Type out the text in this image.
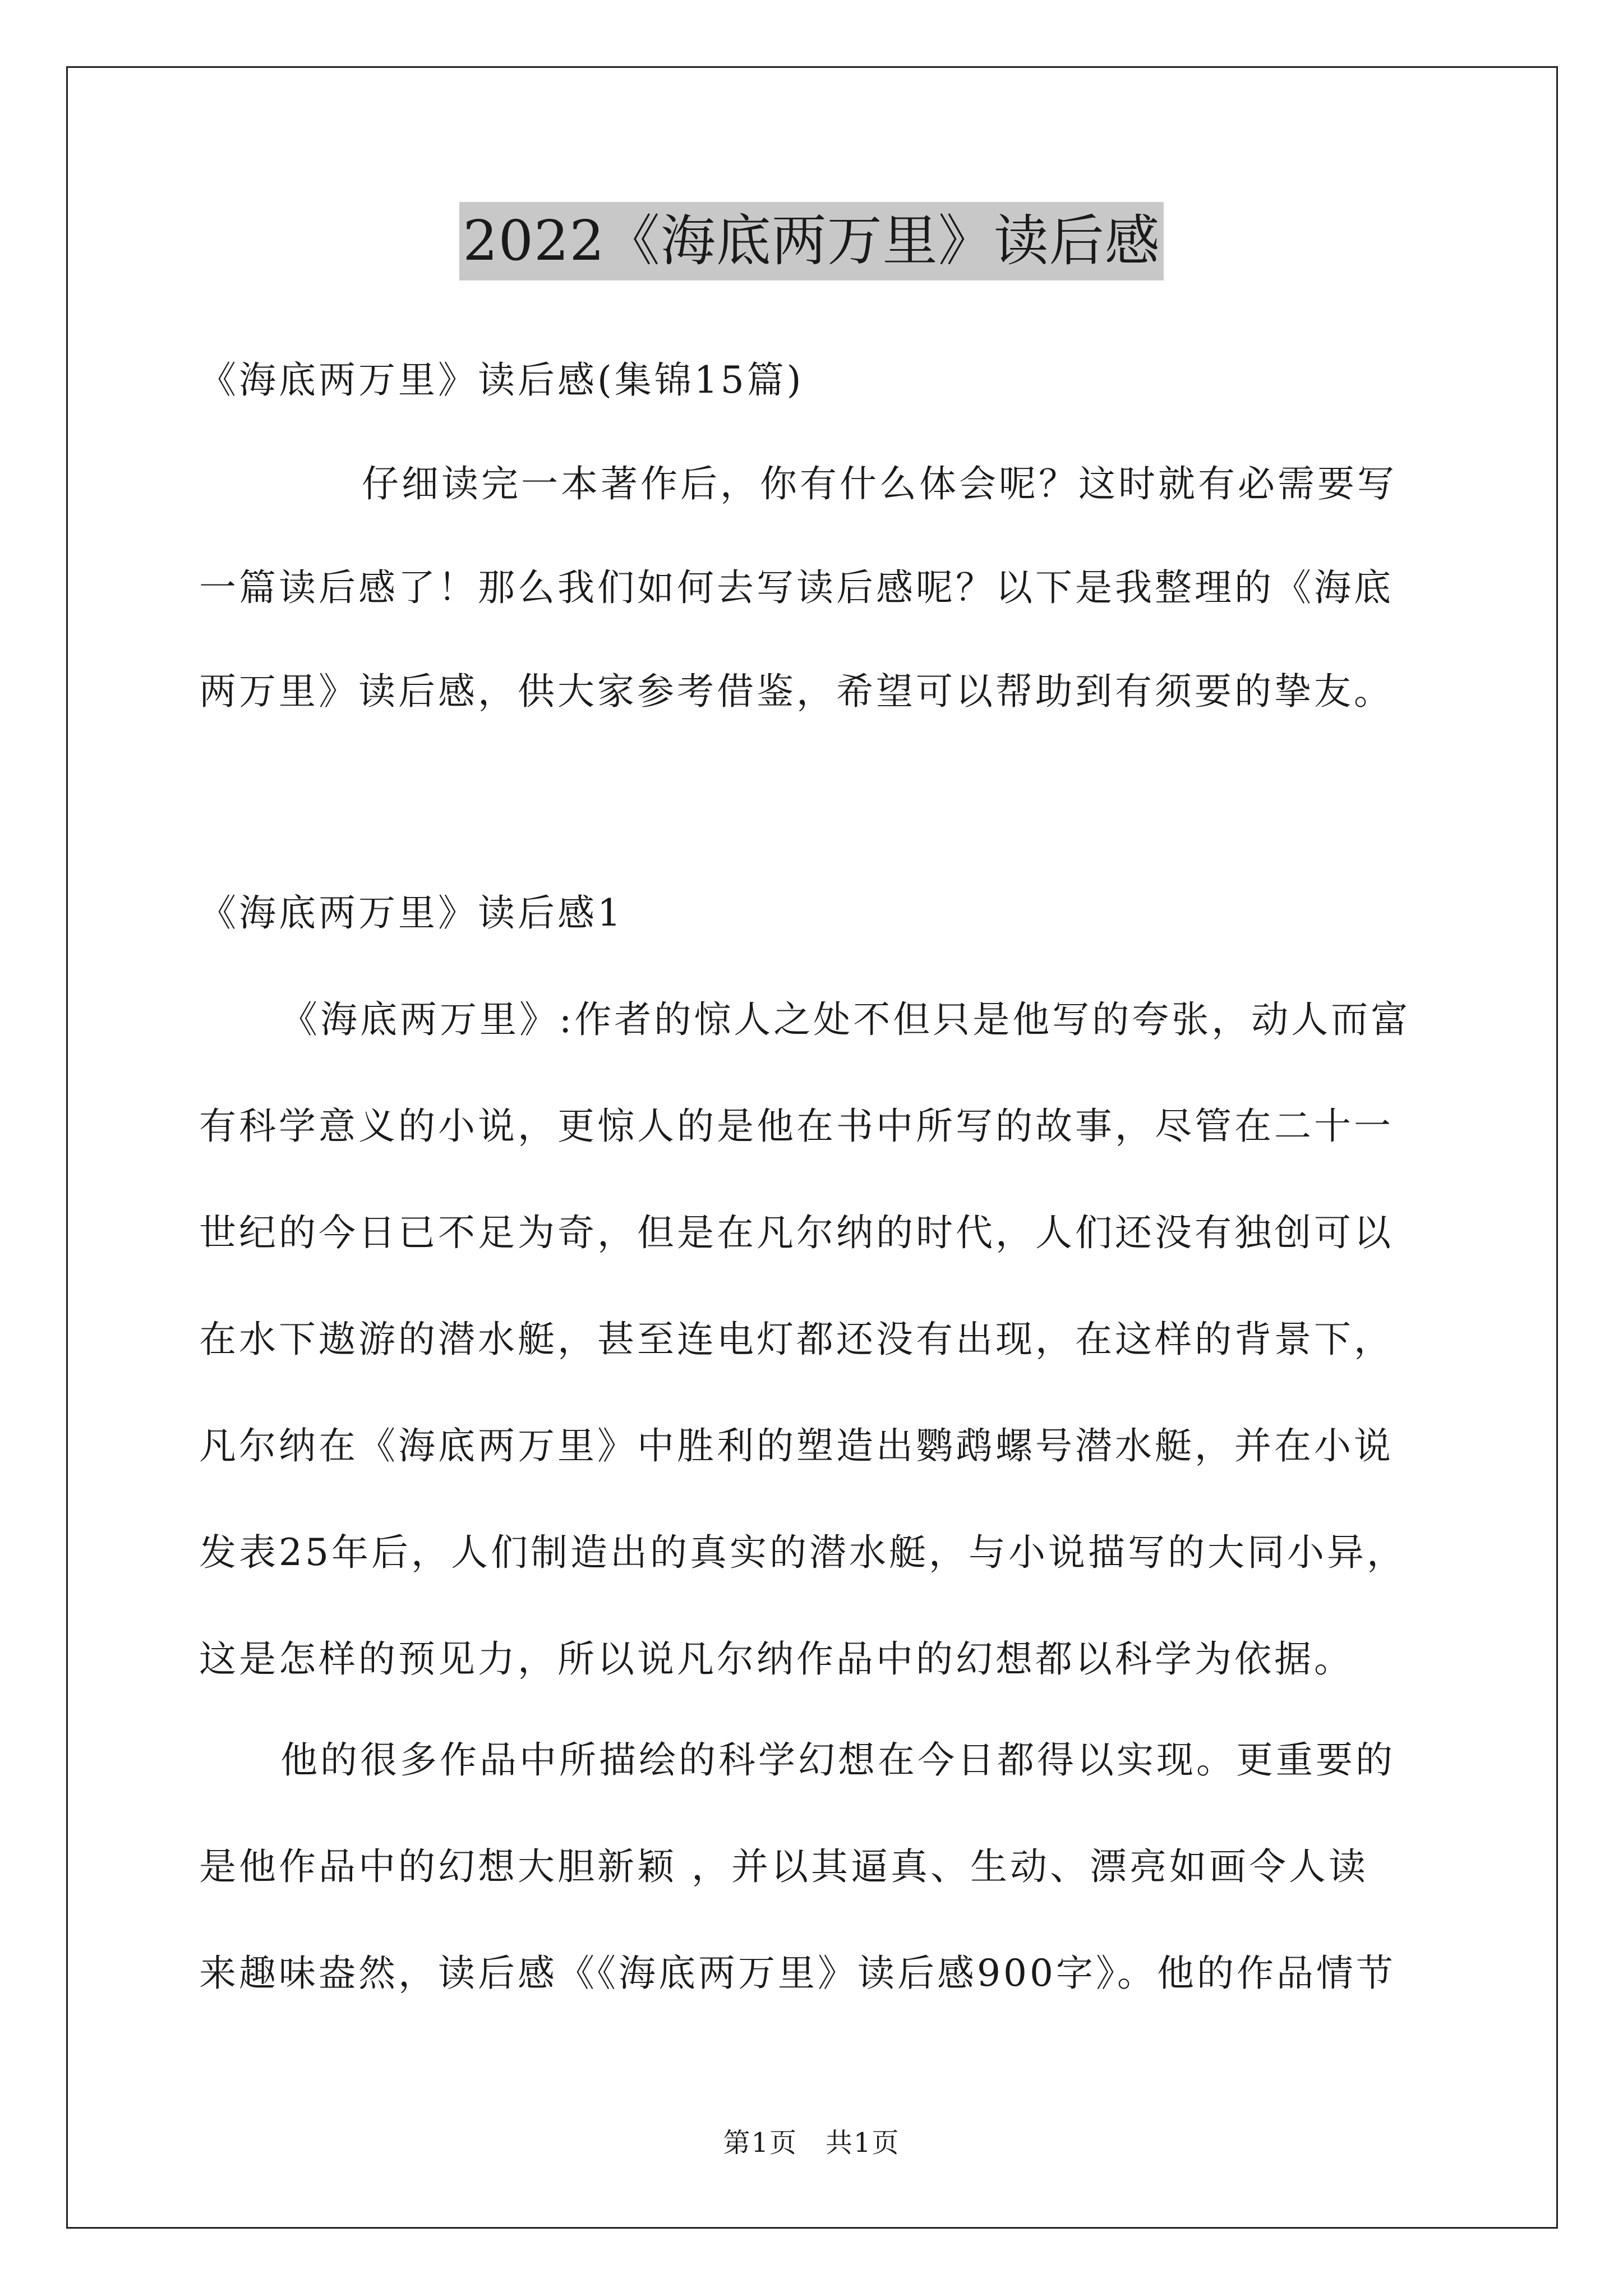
2022《海底两万里》读后感
《海底两万里》读后感(集锦15篇)
仔细读完一本著作后，你有什么体会呢？这时就有必需要写
一篇读后感了！那么我们如何去写读后感呢？以下是我整理的《海底
两万里》读后感，供大家参考借鉴，希望可以帮助到有须要的挚友。
《海底两万里》读后感1
《海底两万里》:作者的惊人之处不但只是他写的夸张，动人而富
有科学意义的小说，更惊人的是他在书中所写的故事，尽管在二十一
世纪的今日已不足为奇，但是在凡尔纳的时代，人们还没有独创可以
在水下遨游的潜水艇，甚至连电灯都还没有出现，在这样的背景下，
凡尔纳在《海底两万里》中胜利的塑造出鹦鹉螺号潜水艇，并在小说
发表25年后，人们制造出的真实的潜水艇，与小说描写的大同小异，
这是怎样的预见力，所以说凡尔纳作品中的幻想都以科学为依据。
他的很多作品中所描绘的科学幻想在今日都得以实现。更重要的
是他作品中的幻想大胆新颖 ，并以其逼真、生动、漂亮如画令人读
来趣味盎然，读后感《《海底两万里》读后感900字》。他的作品情节
第1页　共1页
